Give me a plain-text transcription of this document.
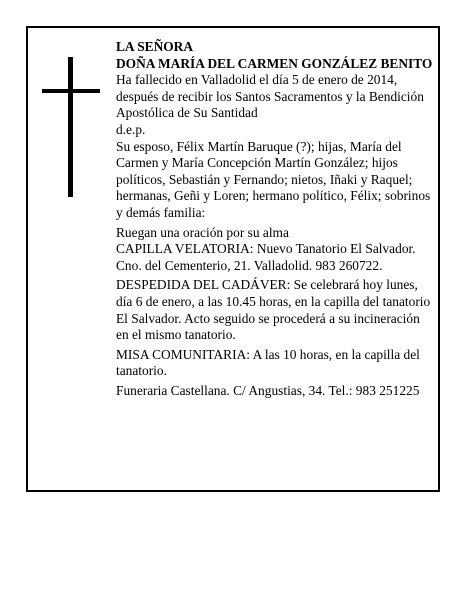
LA SEÑORA

DOÑA MARÍA DEL CARMEN GONZÁLEZ BENITO

Ha fallecido en Valladolid el día 5 de enero de 2014, después de recibir los Santos Sacramentos y la Bendición Apostólica de Su Santidad

d.e.p.

Su esposo, Félix Martín Baruque (?); hijas, María del Carmen y María Concepción Martín González; hijos políticos, Sebastián y Fernando; nietos, Iñaki y Raquel; hermanas, Geñi y Loren; hermano político, Félix; sobrinos y demás familia:

Ruegan una oración por su alma

CAPILLA VELATORIA: Nuevo Tanatorio El Salvador. Cno. del Cementerio, 21. Valladolid. 983 260722.

DESPEDIDA DEL CADÁVER: Se celebrará hoy lunes, día 6 de enero, a las 10.45 horas, en la capilla del tanatorio El Salvador. Acto seguido se procederá a su incineración en el mismo tanatorio.

MISA COMUNITARIA: A las 10 horas, en la capilla del tanatorio.

Funeraria Castellana. C/ Angustias, 34. Tel.: 983 251225
